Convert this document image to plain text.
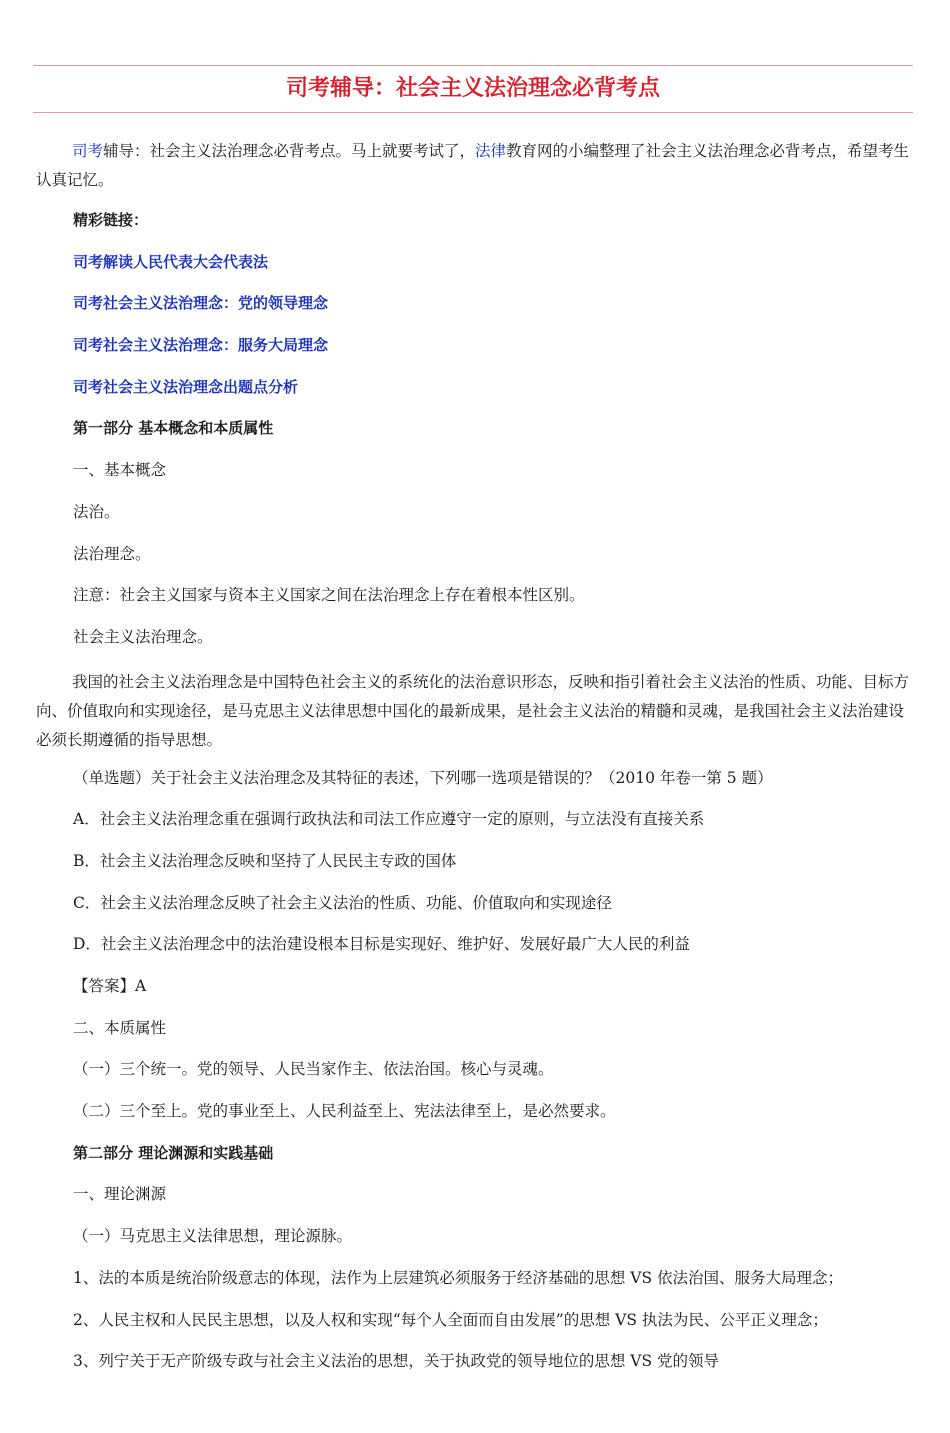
司考辅导：社会主义法治理念必背考点

司考辅导：社会主义法治理念必背考点。马上就要考试了，法律教育网的小编整理了社会主义法治理念必背考点，希望考生认真记忆。

精彩链接：
司考解读人民代表大会代表法
司考社会主义法治理念：党的领导理念
司考社会主义法治理念：服务大局理念
司考社会主义法治理念出题点分析
第一部分 基本概念和本质属性
一、基本概念
法治。
法治理念。
注意：社会主义国家与资本主义国家之间在法治理念上存在着根本性区别。
社会主义法治理念。

我国的社会主义法治理念是中国特色社会主义的系统化的法治意识形态，反映和指引着社会主义法治的性质、功能、目标方向、价值取向和实现途径，是马克思主义法律思想中国化的最新成果，是社会主义法治的精髓和灵魂，是我国社会主义法治建设必须长期遵循的指导思想。

（单选题）关于社会主义法治理念及其特征的表述，下列哪一选项是错误的？（2010 年卷一第 5 题）
A．社会主义法治理念重在强调行政执法和司法工作应遵守一定的原则，与立法没有直接关系
B．社会主义法治理念反映和坚持了人民民主专政的国体
C．社会主义法治理念反映了社会主义法治的性质、功能、价值取向和实现途径
D．社会主义法治理念中的法治建设根本目标是实现好、维护好、发展好最广大人民的利益
【答案】A
二、本质属性
（一）三个统一。党的领导、人民当家作主、依法治国。核心与灵魂。
（二）三个至上。党的事业至上、人民利益至上、宪法法律至上，是必然要求。
第二部分 理论渊源和实践基础
一、理论渊源
（一）马克思主义法律思想，理论源脉。
1、法的本质是统治阶级意志的体现，法作为上层建筑必须服务于经济基础的思想 VS 依法治国、服务大局理念；
2、人民主权和人民民主思想，以及人权和实现“每个人全面而自由发展”的思想 VS 执法为民、公平正义理念；
3、列宁关于无产阶级专政与社会主义法治的思想，关于执政党的领导地位的思想 VS 党的领导
